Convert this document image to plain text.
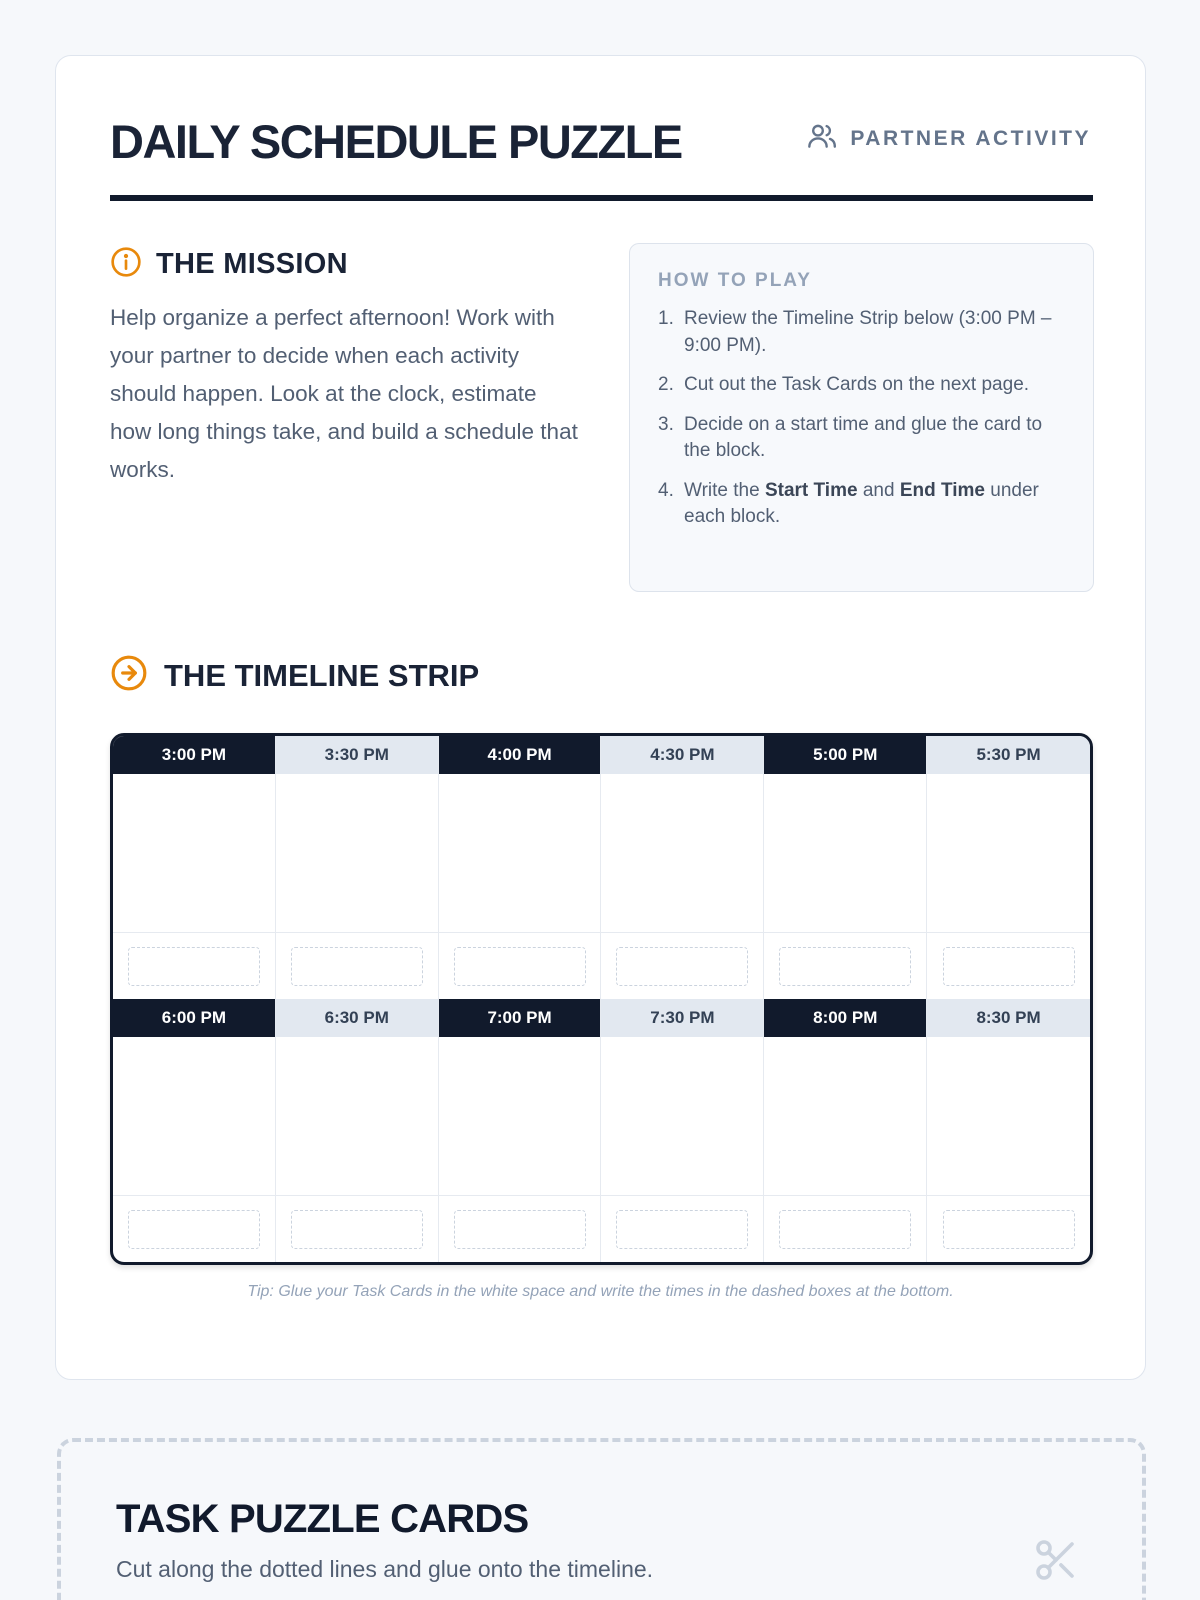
DAILY SCHEDULE PUZZLE	PARTNER ACTIVITY
THE MISSION

Help organize a perfect afternoon! Work with your partner to decide when each activity should happen. Look at the clock, estimate how long things take, and build a schedule that works.

HOW TO PLAY
1. Review the Timeline Strip below (3:00 PM – 9:00 PM).
2. Cut out the Task Cards on the next page.
3. Decide on a start time and glue the card to the block.
4. Write the Start Time and End Time under each block.
THE TIMELINE STRIP
3:00 PM	3:30 PM	4:00 PM	4:30 PM	5:00 PM	5:30 PM
6:00 PM	6:30 PM	7:00 PM	7:30 PM	8:00 PM	8:30 PM
Tip: Glue your Task Cards in the white space and write the times in the dashed boxes at the bottom.
TASK PUZZLE CARDS
Cut along the dotted lines and glue onto the timeline.
